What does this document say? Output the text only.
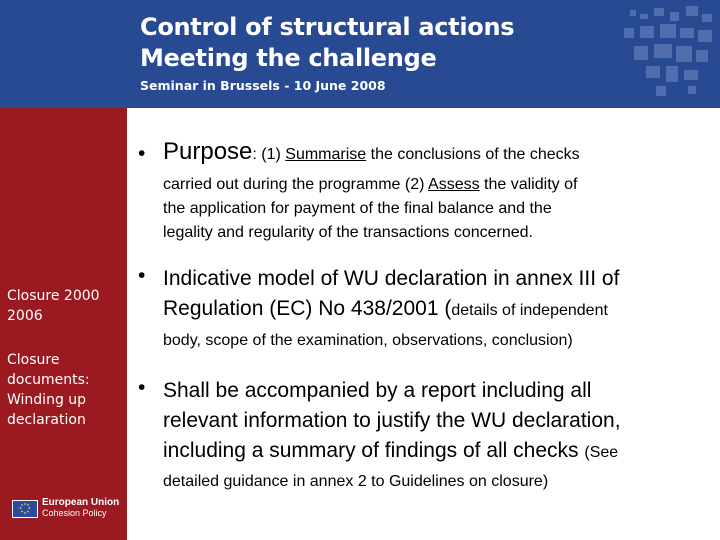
Control of structural actions
Meeting the challenge
Seminar in Brussels - 10 June 2008
Closure 2000
2006
Closure
documents:
Winding up
declaration
European Union
Cohesion Policy
• Purpose: (1) Summarise the conclusions of the checks
carried out during the programme (2) Assess the validity of
the application for payment of the final balance and the
legality and regularity of the transactions concerned.
• Indicative model of WU declaration in annex III of
Regulation (EC) No 438/2001 (details of independent
body, scope of the examination, observations, conclusion)
• Shall be accompanied by a report including all
relevant information to justify the WU declaration,
including a summary of findings of all checks (See
detailed guidance in annex 2 to Guidelines on closure)
